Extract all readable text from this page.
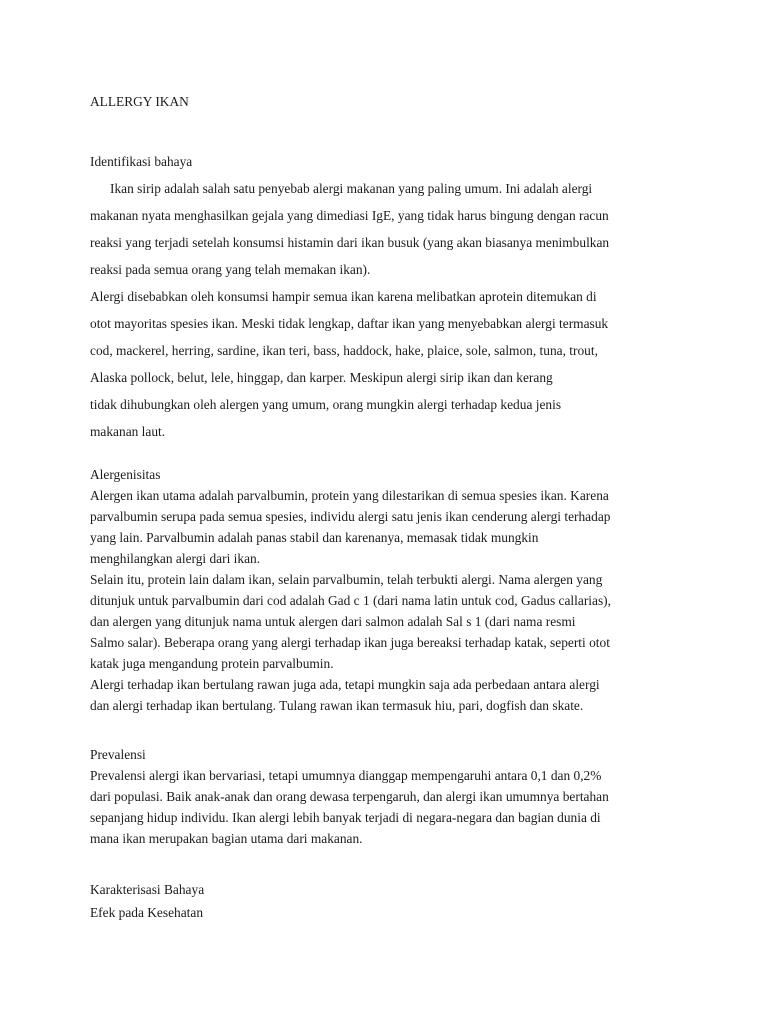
ALLERGY IKAN
Identifikasi bahaya
Ikan sirip adalah salah satu penyebab alergi makanan yang paling umum. Ini adalah alergi
makanan nyata menghasilkan gejala yang dimediasi IgE, yang tidak harus bingung dengan racun
reaksi yang terjadi setelah konsumsi histamin dari ikan busuk (yang akan biasanya menimbulkan
reaksi pada semua orang yang telah memakan ikan).
Alergi disebabkan oleh konsumsi hampir semua ikan karena melibatkan aprotein ditemukan di
otot mayoritas spesies ikan. Meski tidak lengkap, daftar ikan yang menyebabkan alergi termasuk
cod, mackerel, herring, sardine, ikan teri, bass, haddock, hake, plaice, sole, salmon, tuna, trout,
Alaska pollock, belut, lele, hinggap, dan karper. Meskipun alergi sirip ikan dan kerang
tidak dihubungkan oleh alergen yang umum, orang mungkin alergi terhadap kedua jenis
makanan laut.
Alergenisitas
Alergen ikan utama adalah parvalbumin, protein yang dilestarikan di semua spesies ikan. Karena
parvalbumin serupa pada semua spesies, individu alergi satu jenis ikan cenderung alergi terhadap
yang lain. Parvalbumin adalah panas stabil dan karenanya, memasak tidak mungkin
menghilangkan alergi dari ikan.
Selain itu, protein lain dalam ikan, selain parvalbumin, telah terbukti alergi. Nama alergen yang
ditunjuk untuk parvalbumin dari cod adalah Gad c 1 (dari nama latin untuk cod, Gadus callarias),
dan alergen yang ditunjuk nama untuk alergen dari salmon adalah Sal s 1 (dari nama resmi
Salmo salar). Beberapa orang yang alergi terhadap ikan juga bereaksi terhadap katak, seperti otot
katak juga mengandung protein parvalbumin.
Alergi terhadap ikan bertulang rawan juga ada, tetapi mungkin saja ada perbedaan antara alergi
dan alergi terhadap ikan bertulang. Tulang rawan ikan termasuk hiu, pari, dogfish dan skate.
Prevalensi
Prevalensi alergi ikan bervariasi, tetapi umumnya dianggap mempengaruhi antara 0,1 dan 0,2%
dari populasi. Baik anak-anak dan orang dewasa terpengaruh, dan alergi ikan umumnya bertahan
sepanjang hidup individu. Ikan alergi lebih banyak terjadi di negara-negara dan bagian dunia di
mana ikan merupakan bagian utama dari makanan.
Karakterisasi Bahaya
Efek pada Kesehatan
